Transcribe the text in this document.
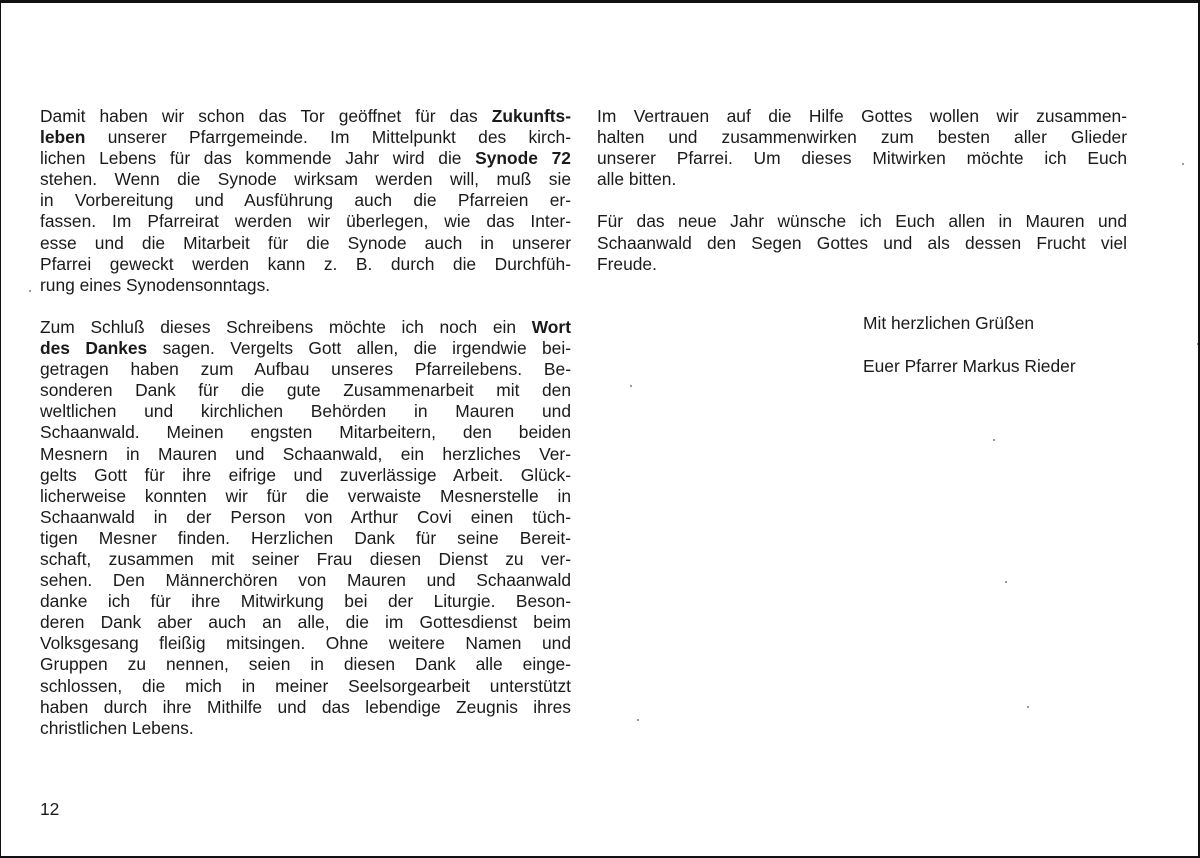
Damit haben wir schon das Tor geöffnet für das Zukunfts-
leben unserer Pfarrgemeinde. Im Mittelpunkt des kirch-
lichen Lebens für das kommende Jahr wird die Synode 72
stehen. Wenn die Synode wirksam werden will, muß sie
in Vorbereitung und Ausführung auch die Pfarreien er-
fassen. Im Pfarreirat werden wir überlegen, wie das Inter-
esse und die Mitarbeit für die Synode auch in unserer
Pfarrei geweckt werden kann z. B. durch die Durchfüh-
rung eines Synodensonntags.

Zum Schluß dieses Schreibens möchte ich noch ein Wort
des Dankes sagen. Vergelts Gott allen, die irgendwie bei-
getragen haben zum Aufbau unseres Pfarreilebens. Be-
sonderen Dank für die gute Zusammenarbeit mit den
weltlichen und kirchlichen Behörden in Mauren und
Schaanwald. Meinen engsten Mitarbeitern, den beiden
Mesnern in Mauren und Schaanwald, ein herzliches Ver-
gelts Gott für ihre eifrige und zuverlässige Arbeit. Glück-
licherweise konnten wir für die verwaiste Mesnerstelle in
Schaanwald in der Person von Arthur Covi einen tüch-
tigen Mesner finden. Herzlichen Dank für seine Bereit-
schaft, zusammen mit seiner Frau diesen Dienst zu ver-
sehen. Den Männerchören von Mauren und Schaanwald
danke ich für ihre Mitwirkung bei der Liturgie. Beson-
deren Dank aber auch an alle, die im Gottesdienst beim
Volksgesang fleißig mitsingen. Ohne weitere Namen und
Gruppen zu nennen, seien in diesen Dank alle einge-
schlossen, die mich in meiner Seelsorgearbeit unterstützt
haben durch ihre Mithilfe und das lebendige Zeugnis ihres
christlichen Lebens.

Im Vertrauen auf die Hilfe Gottes wollen wir zusammen-
halten und zusammenwirken zum besten aller Glieder
unserer Pfarrei. Um dieses Mitwirken möchte ich Euch
alle bitten.

Für das neue Jahr wünsche ich Euch allen in Mauren und
Schaanwald den Segen Gottes und als dessen Frucht viel
Freude.

Mit herzlichen Grüßen
Euer Pfarrer Markus Rieder
12
